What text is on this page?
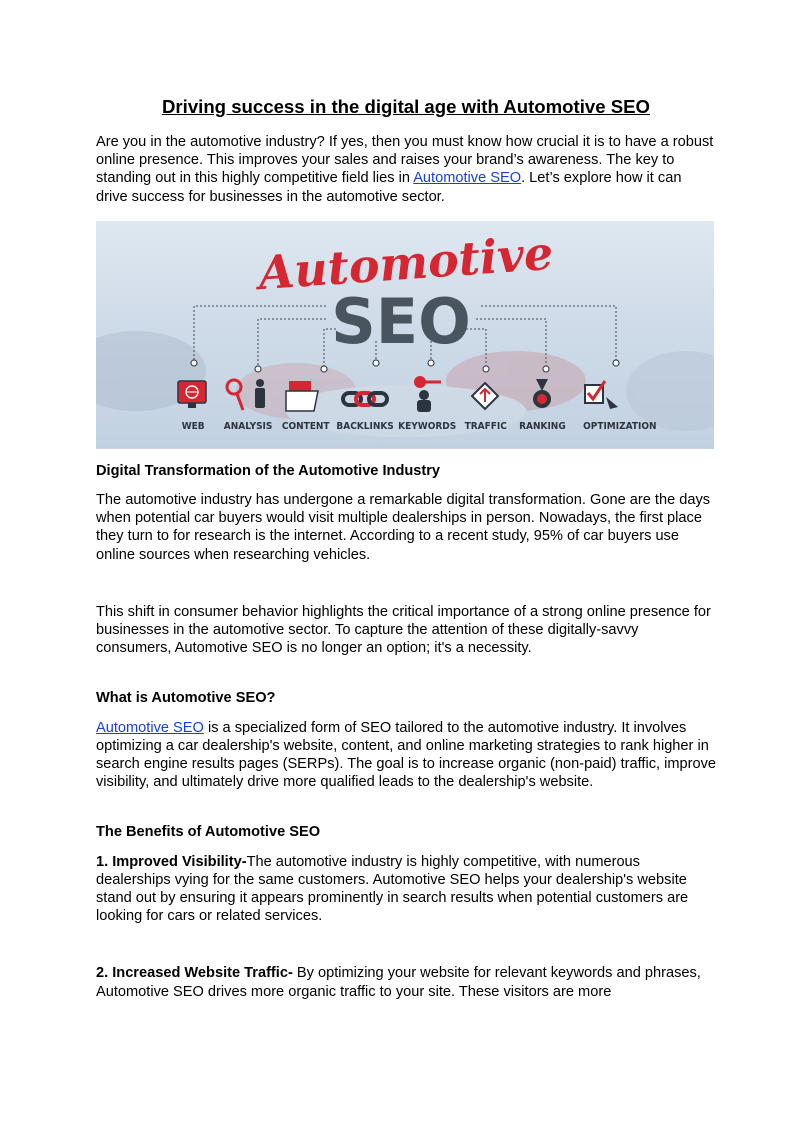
Driving success in the digital age with Automotive SEO

Are you in the automotive industry? If yes, then you must know how crucial it is to have a robust online presence. This improves your sales and raises your brand’s awareness. The key to standing out in this highly competitive field lies in Automotive SEO. Let’s explore how it can drive success for businesses in the automotive sector.

Automotive
SEO
WEB ANALYSIS CONTENT BACKLINKS KEYWORDS TRAFFIC RANKING OPTIMIZATION

Digital Transformation of the Automotive Industry

The automotive industry has undergone a remarkable digital transformation. Gone are the days when potential car buyers would visit multiple dealerships in person. Nowadays, the first place they turn to for research is the internet. According to a recent study, 95% of car buyers use online sources when researching vehicles.

This shift in consumer behavior highlights the critical importance of a strong online presence for businesses in the automotive sector. To capture the attention of these digitally-savvy consumers, Automotive SEO is no longer an option; it's a necessity.

What is Automotive SEO?

Automotive SEO is a specialized form of SEO tailored to the automotive industry. It involves optimizing a car dealership's website, content, and online marketing strategies to rank higher in search engine results pages (SERPs). The goal is to increase organic (non-paid) traffic, improve visibility, and ultimately drive more qualified leads to the dealership's website.

The Benefits of Automotive SEO

1. Improved Visibility-The automotive industry is highly competitive, with numerous dealerships vying for the same customers. Automotive SEO helps your dealership's website stand out by ensuring it appears prominently in search results when potential customers are looking for cars or related services.

2. Increased Website Traffic- By optimizing your website for relevant keywords and phrases, Automotive SEO drives more organic traffic to your site. These visitors are more
